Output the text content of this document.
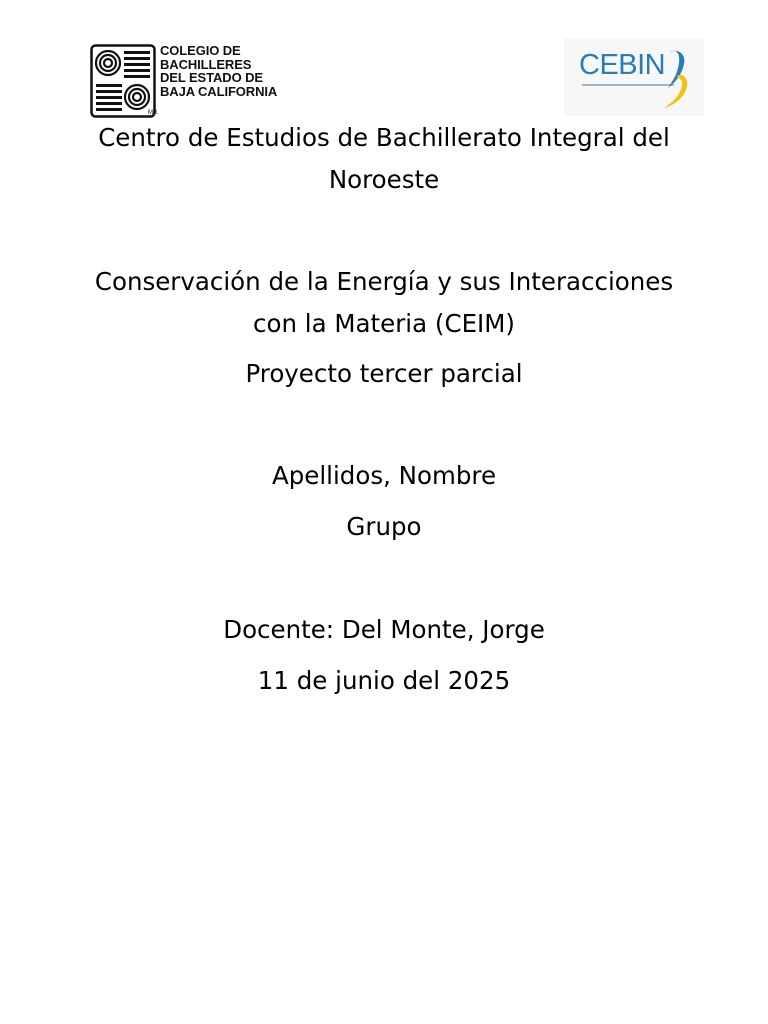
COLEGIO DE
BACHILLERES
DEL ESTADO DE
BAJA CALIFORNIA
MR.
CEBIN
Centro de Estudios de Bachillerato Integral del Noroeste
Conservación de la Energía y sus Interacciones con la Materia (CEIM)
Proyecto tercer parcial
Apellidos, Nombre
Grupo
Docente: Del Monte, Jorge
11 de junio del 2025
